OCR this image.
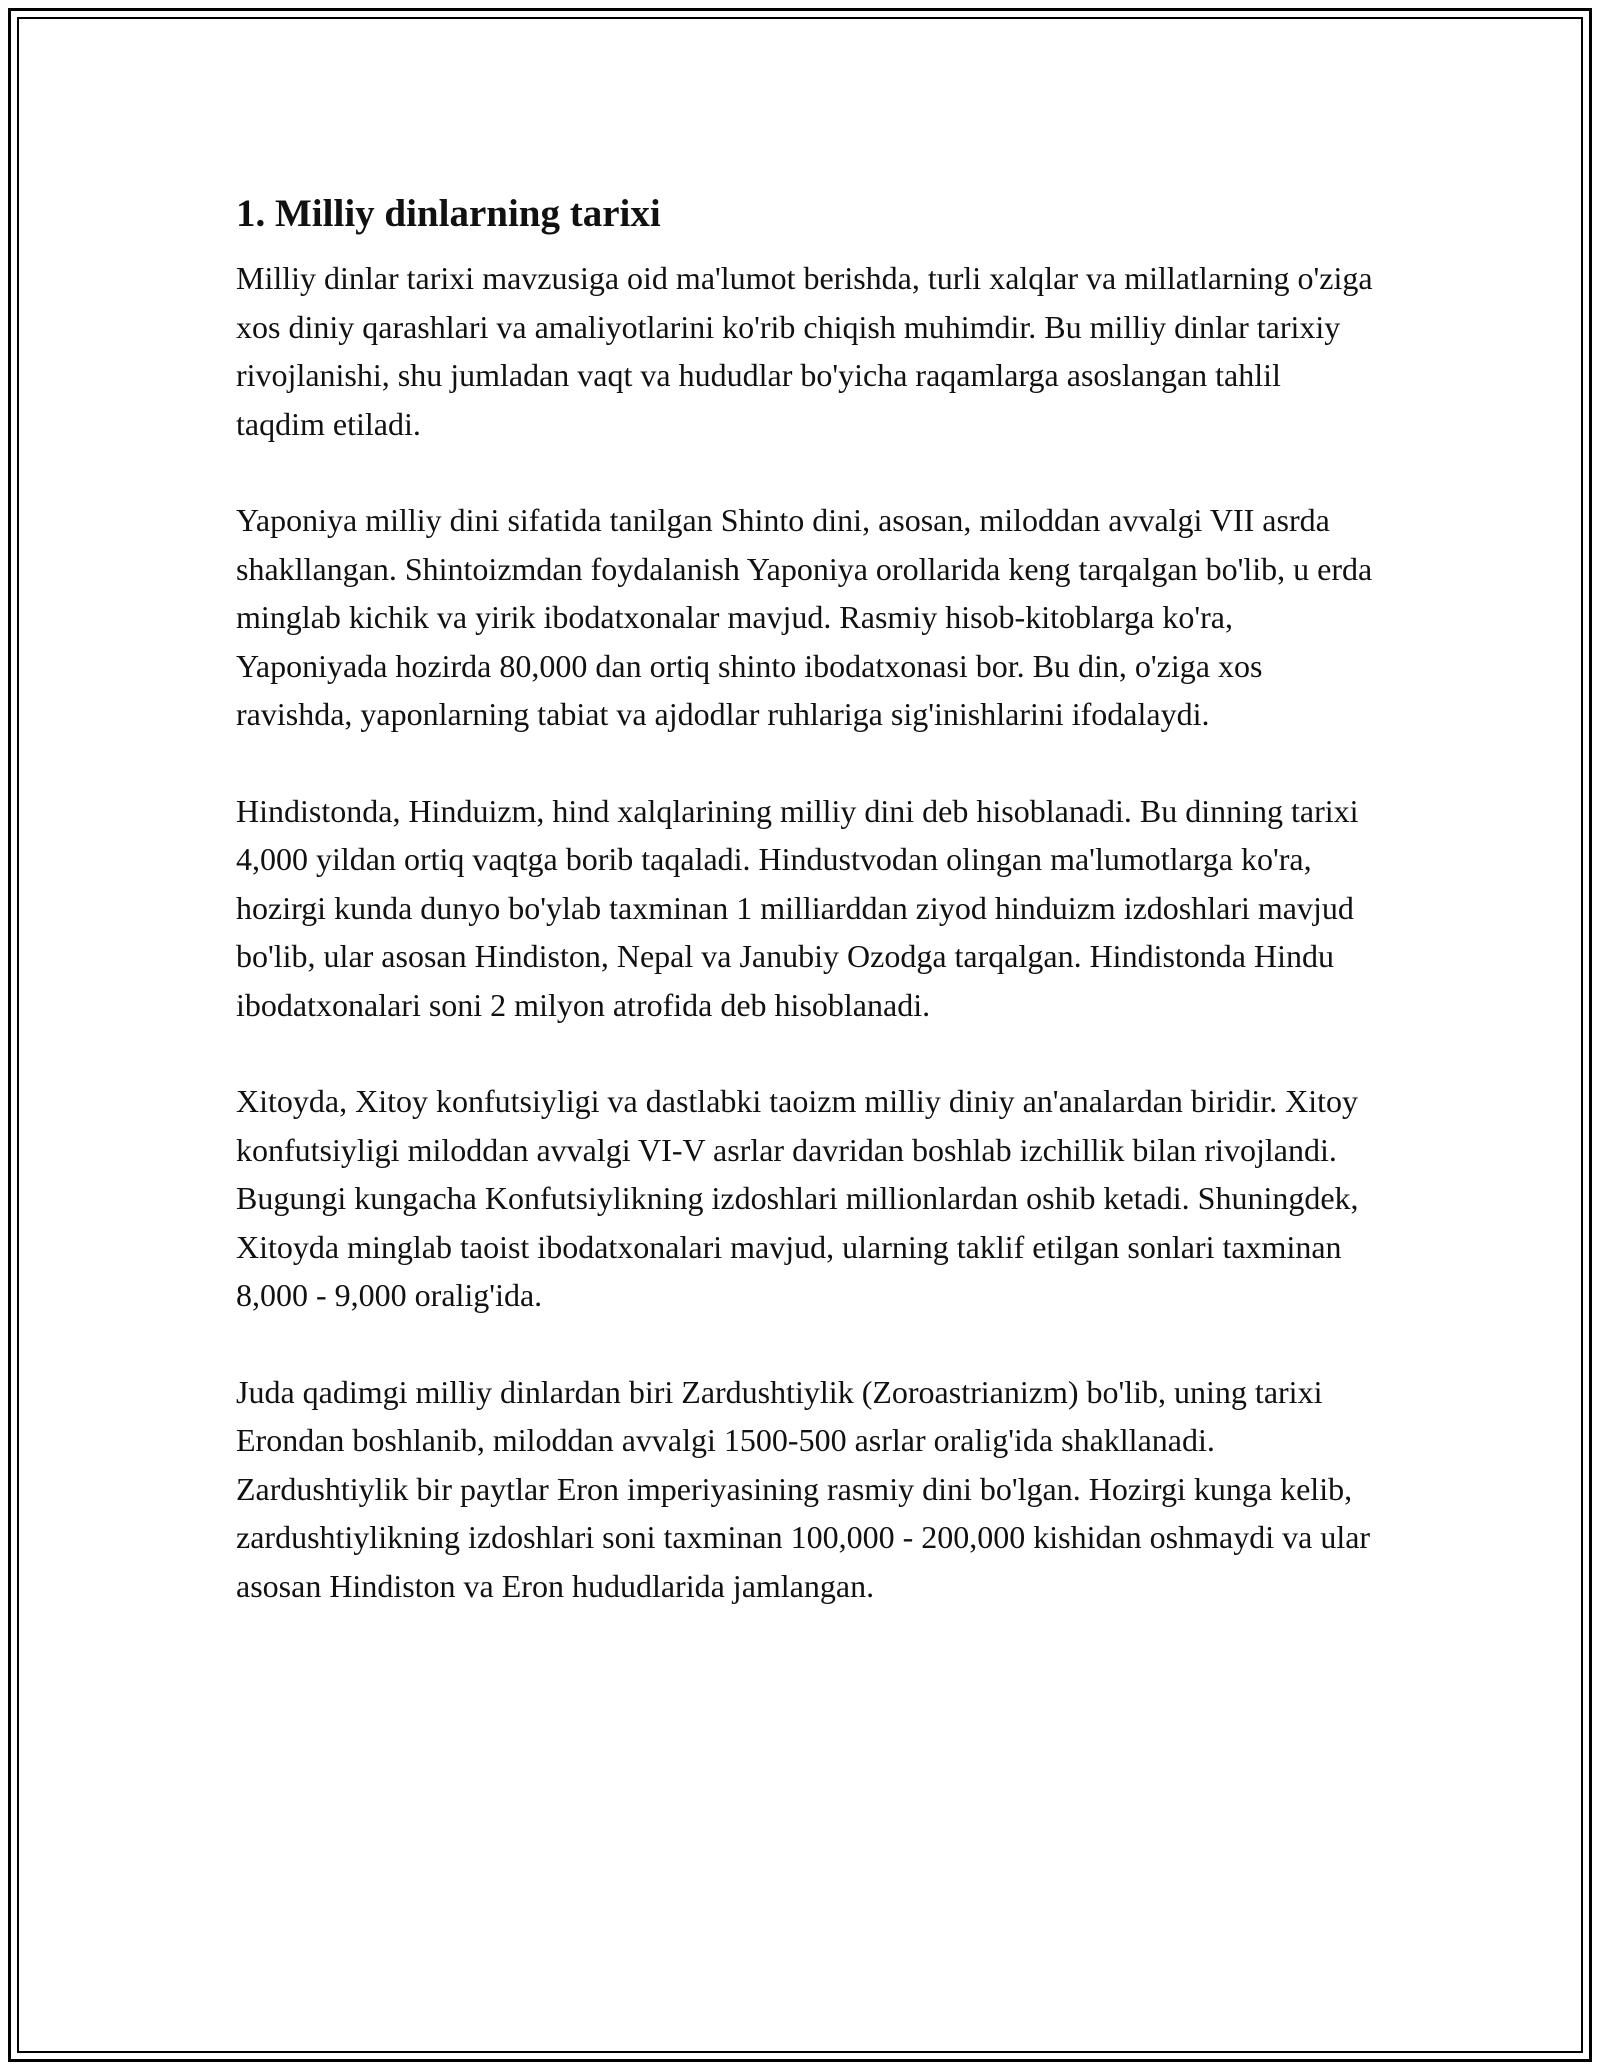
1. Milliy dinlarning tarixi

Milliy dinlar tarixi mavzusiga oid ma'lumot berishda, turli xalqlar va millatlarning o'ziga xos diniy qarashlari va amaliyotlarini ko'rib chiqish muhimdir. Bu milliy dinlar tarixiy rivojlanishi, shu jumladan vaqt va hududlar bo'yicha raqamlarga asoslangan tahlil taqdim etiladi.

Yaponiya milliy dini sifatida tanilgan Shinto dini, asosan, miloddan avvalgi VII asrda shakllangan. Shintoizmdan foydalanish Yaponiya orollarida keng tarqalgan bo'lib, u erda minglab kichik va yirik ibodatxonalar mavjud. Rasmiy hisob-kitoblarga ko'ra, Yaponiyada hozirda 80,000 dan ortiq shinto ibodatxonasi bor. Bu din, o'ziga xos ravishda, yaponlarning tabiat va ajdodlar ruhlariga sig'inishlarini ifodalaydi.

Hindistonda, Hinduizm, hind xalqlarining milliy dini deb hisoblanadi. Bu dinning tarixi 4,000 yildan ortiq vaqtga borib taqaladi. Hindustvodan olingan ma'lumotlarga ko'ra, hozirgi kunda dunyo bo'ylab taxminan 1 milliarddan ziyod hinduizm izdoshlari mavjud bo'lib, ular asosan Hindiston, Nepal va Janubiy Ozodga tarqalgan. Hindistonda Hindu ibodatxonalari soni 2 milyon atrofida deb hisoblanadi.

Xitoyda, Xitoy konfutsiyligi va dastlabki taoizm milliy diniy an'analardan biridir. Xitoy konfutsiyligi miloddan avvalgi VI-V asrlar davridan boshlab izchillik bilan rivojlandi. Bugungi kungacha Konfutsiylikning izdoshlari millionlardan oshib ketadi. Shuningdek, Xitoyda minglab taoist ibodatxonalari mavjud, ularning taklif etilgan sonlari taxminan 8,000 - 9,000 oralig'ida.

Juda qadimgi milliy dinlardan biri Zardushtiylik (Zoroastrianizm) bo'lib, uning tarixi Erondan boshlanib, miloddan avvalgi 1500-500 asrlar oralig'ida shakllanadi. Zardushtiylik bir paytlar Eron imperiyasining rasmiy dini bo'lgan. Hozirgi kunga kelib, zardushtiylikning izdoshlari soni taxminan 100,000 - 200,000 kishidan oshmaydi va ular asosan Hindiston va Eron hududlarida jamlangan.
